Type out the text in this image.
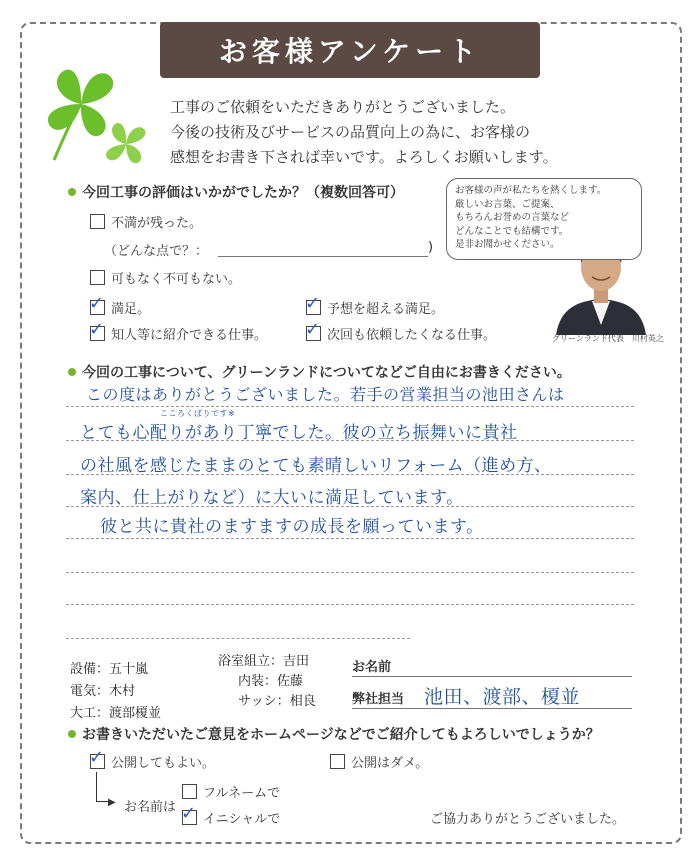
お客様アンケート
工事のご依頼をいただきありがとうございました。
今後の技術及びサービスの品質向上の為に、お客様の
感想をお書き下されば幸いです。よろしくお願いします。
今回工事の評価はいかがでしたか？（複数回答可）
不満が残った。
（どんな点で？：	)
可もなく不可もない。
✓ 満足。	✓ 予想を超える満足。
✓ 知人等に紹介できる仕事。 ✓ 次回も依頼したくなる仕事。
お客様の声が私たちを熱くします。
厳しいお言葉、ご提案、
もちろんお誉めの言葉など
どんなことでも結構です。
是非お聞かせください。
グリーンランド代表　川村英之
今回の工事について、グリーンランドについてなどご自由にお書きください。
この度はありがとうございました。若手の営業担当の池田さんは
こころくばりです※
とても心配りがあり丁寧でした。彼の立ち振舞いに貴社
の社風を感じたままのとても素晴しいリフォーム（進め方、
案内、仕上がりなど）に大いに満足しています。
彼と共に貴社のますますの成長を願っています。
設備：五十嵐
電気：木村
大工：渡部榎並
浴室組立：吉田
内装：佐藤
サッシ：相良
お名前
弊社担当 池田、渡部、榎並
お書きいただいたご意見をホームページなどでご紹介してもよろしいでしょうか？
✓ 公開してもよい。	公開はダメ。
▶ お名前は
フルネームで
✓ イニシャルで	ご協力ありがとうございました。
